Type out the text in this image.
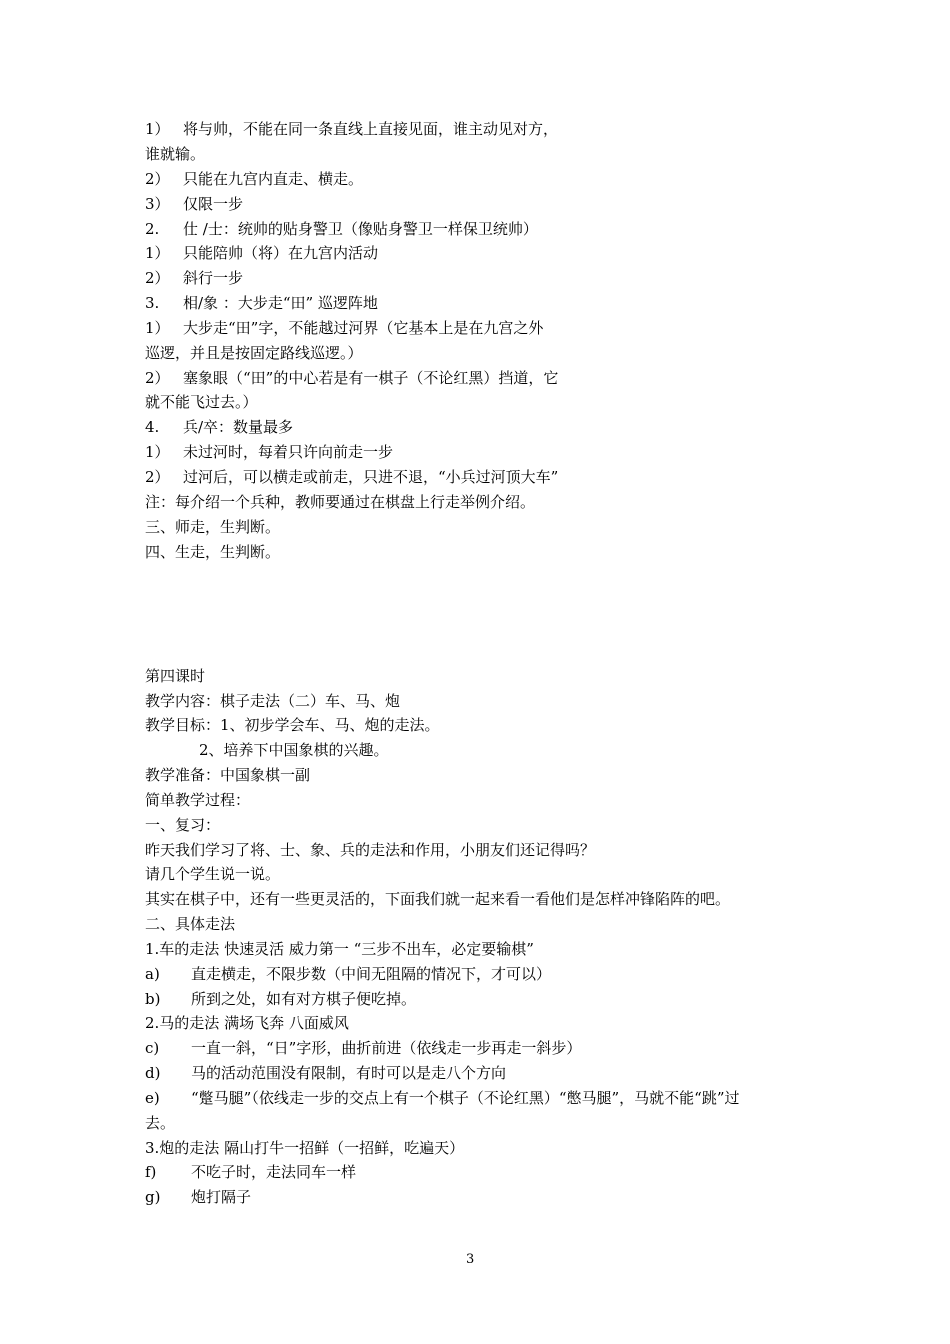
1） 将与帅，不能在同一条直线上直接见面，谁主动见对方，
谁就输。
2） 只能在九宫内直走、横走。
3） 仅限一步
2. 仕 /士：统帅的贴身警卫（像贴身警卫一样保卫统帅）
1） 只能陪帅（将）在九宫内活动
2） 斜行一步
3. 相/象 ：大步走“田” 巡逻阵地
1） 大步走“田”字，不能越过河界（它基本上是在九宫之外
巡逻，并且是按固定路线巡逻。）
2） 塞象眼（“田”的中心若是有一棋子（不论红黑）挡道，它
就不能飞过去。）
4. 兵/卒：数量最多
1） 未过河时，每着只许向前走一步
2） 过河后，可以横走或前走，只进不退，“小兵过河顶大车”
注：每介绍一个兵种，教师要通过在棋盘上行走举例介绍。
三、师走，生判断。
四、生走，生判断。
第四课时
教学内容：棋子走法（二）车、马、炮
教学目标：1、初步学会车、马、炮的走法。
2、培养下中国象棋的兴趣。
教学准备：中国象棋一副
简单教学过程：
一、复习：
昨天我们学习了将、士、象、兵的走法和作用，小朋友们还记得吗？
请几个学生说一说。
其实在棋子中，还有一些更灵活的，下面我们就一起来看一看他们是怎样冲锋陷阵的吧。
二、具体走法
1.车的走法 快速灵活 威力第一 “三步不出车，必定要输棋”
a) 直走横走，不限步数（中间无阻隔的情况下，才可以）
b) 所到之处，如有对方棋子便吃掉。
2.马的走法 满场飞奔 八面威风
c) 一直一斜，“日”字形，曲折前进（依线走一步再走一斜步）
d) 马的活动范围没有限制，有时可以是走八个方向
e) “蹩马腿”（依线走一步的交点上有一个棋子（不论红黑）“憋马腿”，马就不能“跳”过
去。
3.炮的走法 隔山打牛一招鲜（一招鲜，吃遍天）
f) 不吃子时，走法同车一样
g) 炮打隔子
3
